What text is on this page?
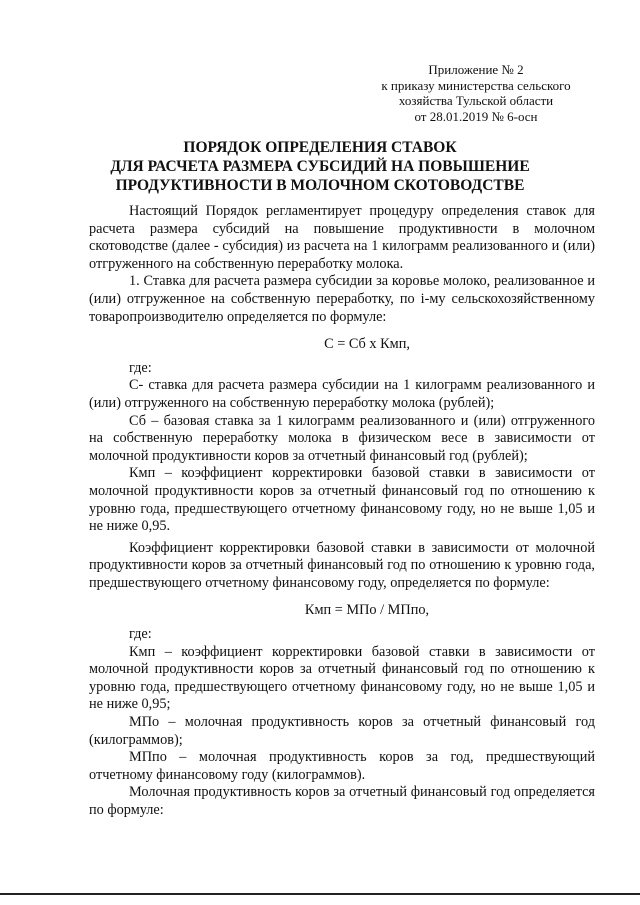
Приложение № 2
к приказу министерства сельского
хозяйства Тульской области
от 28.01.2019 № 6-осн
ПОРЯДОК ОПРЕДЕЛЕНИЯ СТАВОК
ДЛЯ РАСЧЕТА РАЗМЕРА СУБСИДИЙ НА ПОВЫШЕНИЕ
ПРОДУКТИВНОСТИ В МОЛОЧНОМ СКОТОВОДСТВЕ

Настоящий Порядок регламентирует процедуру определения ставок для расчета размера субсидий на повышение продуктивности в молочном скотоводстве (далее - субсидия) из расчета на 1 килограмм реализованного и (или) отгруженного на собственную переработку молока.

1. Ставка для расчета размера субсидии за коровье молоко, реализованное и (или) отгруженное на собственную переработку, по i-му сельскохозяйственному товаропроизводителю определяется по формуле:

C = Сб х Кмп,

где:

С- ставка для расчета размера субсидии на 1 килограмм реализованного и (или) отгруженного на собственную переработку молока (рублей);

Сб – базовая ставка за 1 килограмм реализованного и (или) отгруженного на собственную переработку молока в физическом весе в зависимости от молочной продуктивности коров за отчетный финансовый год (рублей);

Кмп – коэффициент корректировки базовой ставки в зависимости от молочной продуктивности коров за отчетный финансовый год по отношению к уровню года, предшествующего отчетному финансовому году, но не выше 1,05 и не ниже 0,95.

Коэффициент корректировки базовой ставки в зависимости от молочной продуктивности коров за отчетный финансовый год по отношению к уровню года, предшествующего отчетному финансовому году, определяется по формуле:

Кмп = МПо / МПпо,

где:

Кмп – коэффициент корректировки базовой ставки в зависимости от молочной продуктивности коров за отчетный финансовый год по отношению к уровню года, предшествующего отчетному финансовому году, но не выше 1,05 и не ниже 0,95;

МПо – молочная продуктивность коров за отчетный финансовый год (килограммов);

МПпо – молочная продуктивность коров за год, предшествующий отчетному финансовому году (килограммов).

Молочная продуктивность коров за отчетный финансовый год определяется по формуле:
